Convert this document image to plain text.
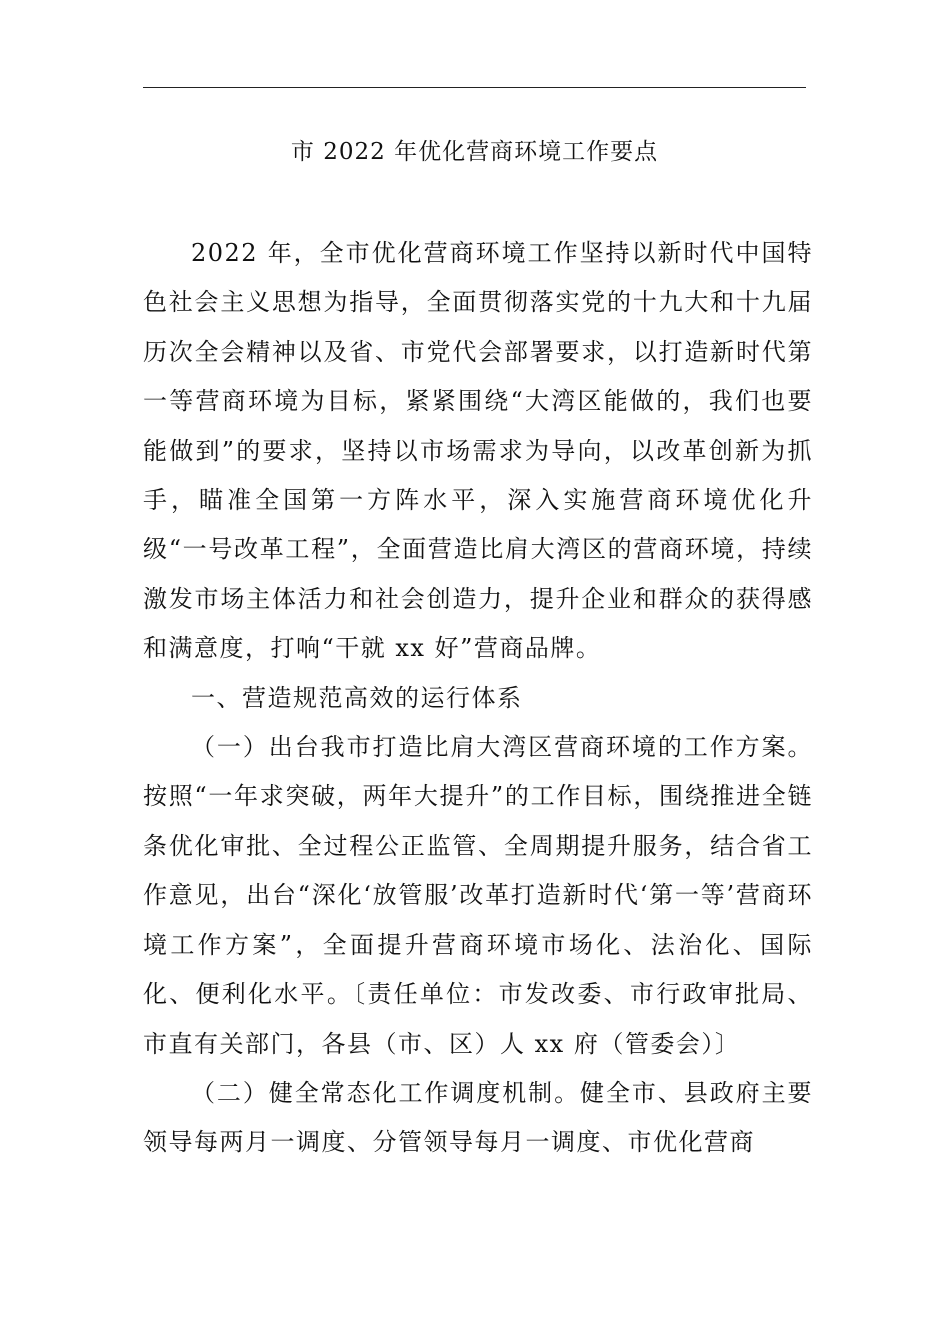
市 2022 年优化营商环境工作要点

2022 年，全市优化营商环境工作坚持以新时代中国特色社会主义思想为指导，全面贯彻落实党的十九大和十九届历次全会精神以及省、市党代会部署要求，以打造新时代第一等营商环境为目标，紧紧围绕“大湾区能做的，我们也要能做到”的要求，坚持以市场需求为导向，以改革创新为抓手，瞄准全国第一方阵水平，深入实施营商环境优化升级“一号改革工程”，全面营造比肩大湾区的营商环境，持续激发市场主体活力和社会创造力，提升企业和群众的获得感和满意度，打响“干就 xx 好”营商品牌。

一、营造规范高效的运行体系

（一）出台我市打造比肩大湾区营商环境的工作方案。按照“一年求突破，两年大提升”的工作目标，围绕推进全链条优化审批、全过程公正监管、全周期提升服务，结合省工作意见，出台“深化‘放管服’改革打造新时代‘第一等’营商环境工作方案”，全面提升营商环境市场化、法治化、国际化、便利化水平。〔责任单位：市发改委、市行政审批局、市直有关部门，各县（市、区）人 xx 府（管委会）〕

（二）健全常态化工作调度机制。健全市、县政府主要领导每两月一调度、分管领导每月一调度、市优化营商
